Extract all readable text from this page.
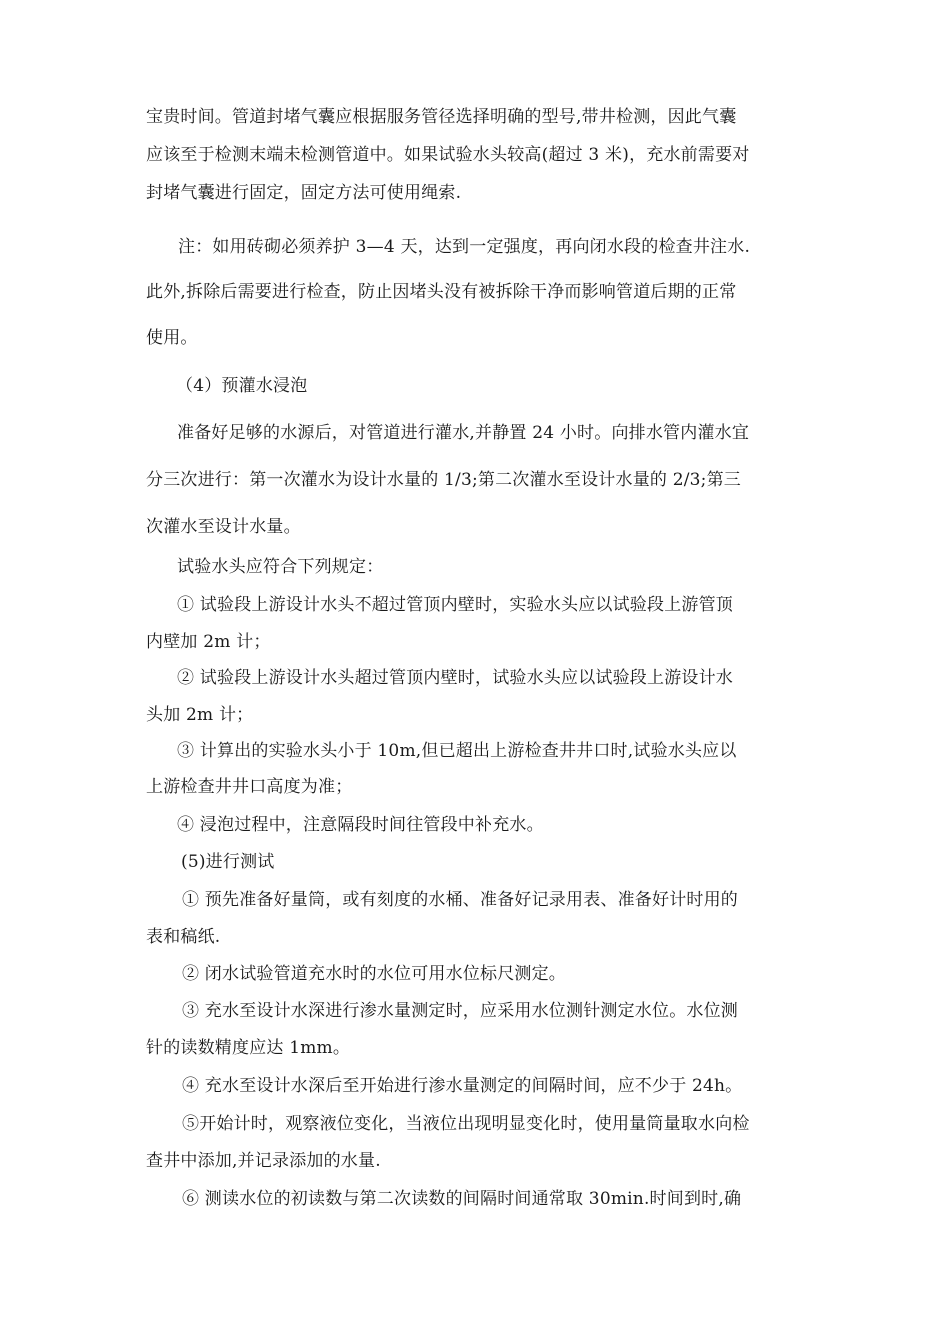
宝贵时间。管道封堵气囊应根据服务管径选择明确的型号,带井检测，因此气囊
应该至于检测末端未检测管道中。如果试验水头较高(超过 3 米)，充水前需要对
封堵气囊进行固定，固定方法可使用绳索.
注：如用砖砌必须养护 3—4 天，达到一定强度，再向闭水段的检查井注水.
此外,拆除后需要进行检查，防止因堵头没有被拆除干净而影响管道后期的正常
使用。
（4）预灌水浸泡
准备好足够的水源后，对管道进行灌水,并静置 24 小时。向排水管内灌水宜
分三次进行：第一次灌水为设计水量的 1/3;第二次灌水至设计水量的 2/3;第三
次灌水至设计水量。
试验水头应符合下列规定：
① 试验段上游设计水头不超过管顶内壁时，实验水头应以试验段上游管顶
内壁加 2m 计；
② 试验段上游设计水头超过管顶内壁时，试验水头应以试验段上游设计水
头加 2m 计；
③ 计算出的实验水头小于 10m,但已超出上游检查井井口时,试验水头应以
上游检查井井口高度为准；
④ 浸泡过程中，注意隔段时间往管段中补充水。
(5)进行测试
① 预先准备好量筒，或有刻度的水桶、准备好记录用表、准备好计时用的
表和稿纸.
② 闭水试验管道充水时的水位可用水位标尺测定。
③ 充水至设计水深进行渗水量测定时，应采用水位测针测定水位。水位测
针的读数精度应达 1mm。
④ 充水至设计水深后至开始进行渗水量测定的间隔时间，应不少于 24h。
⑤开始计时，观察液位变化，当液位出现明显变化时，使用量筒量取水向检
查井中添加,并记录添加的水量.
⑥ 测读水位的初读数与第二次读数的间隔时间通常取 30min.时间到时,确
